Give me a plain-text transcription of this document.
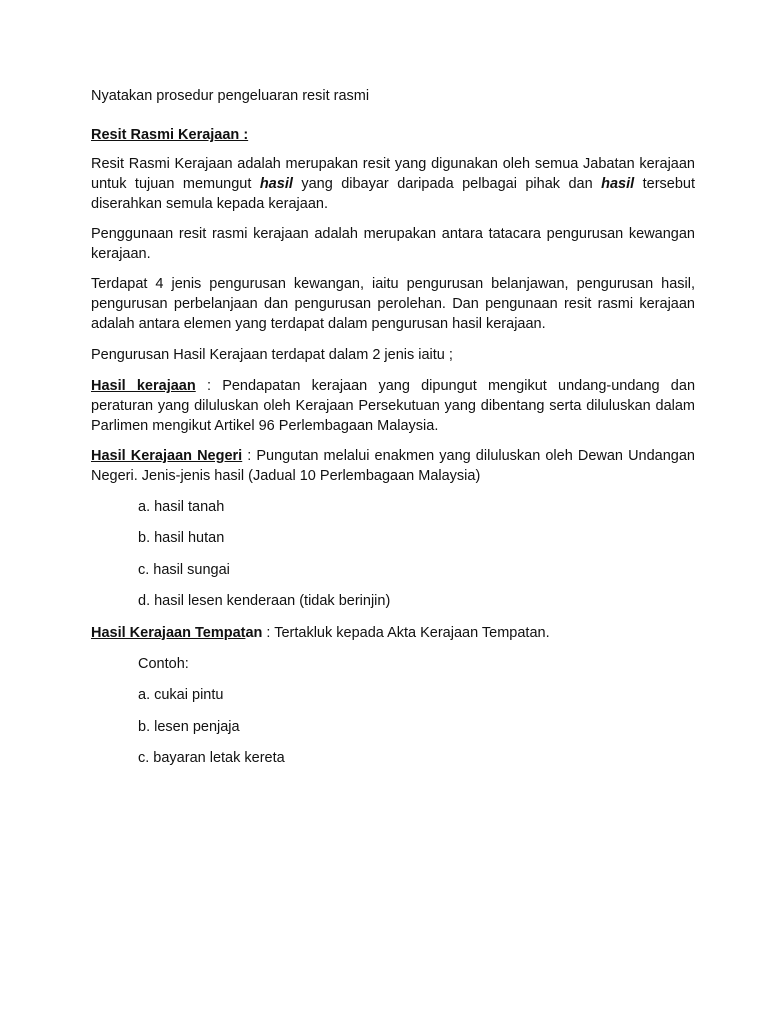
Nyatakan prosedur pengeluaran resit rasmi

Resit Rasmi Kerajaan :

Resit Rasmi Kerajaan adalah merupakan resit yang digunakan oleh semua Jabatan kerajaan untuk tujuan memungut hasil yang dibayar daripada pelbagai pihak dan hasil tersebut diserahkan semula kepada kerajaan.

Penggunaan resit rasmi kerajaan adalah merupakan antara tatacara pengurusan kewangan kerajaan.

Terdapat 4 jenis pengurusan kewangan, iaitu pengurusan belanjawan, pengurusan hasil, pengurusan perbelanjaan dan pengurusan perolehan. Dan pengunaan resit rasmi kerajaan adalah antara elemen yang terdapat dalam pengurusan hasil kerajaan.

Pengurusan Hasil Kerajaan terdapat dalam 2 jenis iaitu ;

Hasil kerajaan : Pendapatan kerajaan yang dipungut mengikut undang-undang dan peraturan yang diluluskan oleh Kerajaan Persekutuan yang dibentang serta diluluskan dalam Parlimen mengikut Artikel 96 Perlembagaan Malaysia.

Hasil Kerajaan Negeri : Pungutan melalui enakmen yang diluluskan oleh Dewan Undangan Negeri. Jenis-jenis hasil (Jadual 10 Perlembagaan Malaysia)

a. hasil tanah
b. hasil hutan
c. hasil sungai
d. hasil lesen kenderaan (tidak berinjin)

Hasil Kerajaan Tempatan : Tertakluk kepada Akta Kerajaan Tempatan.

Contoh:
a. cukai pintu
b. lesen penjaja
c. bayaran letak kereta
